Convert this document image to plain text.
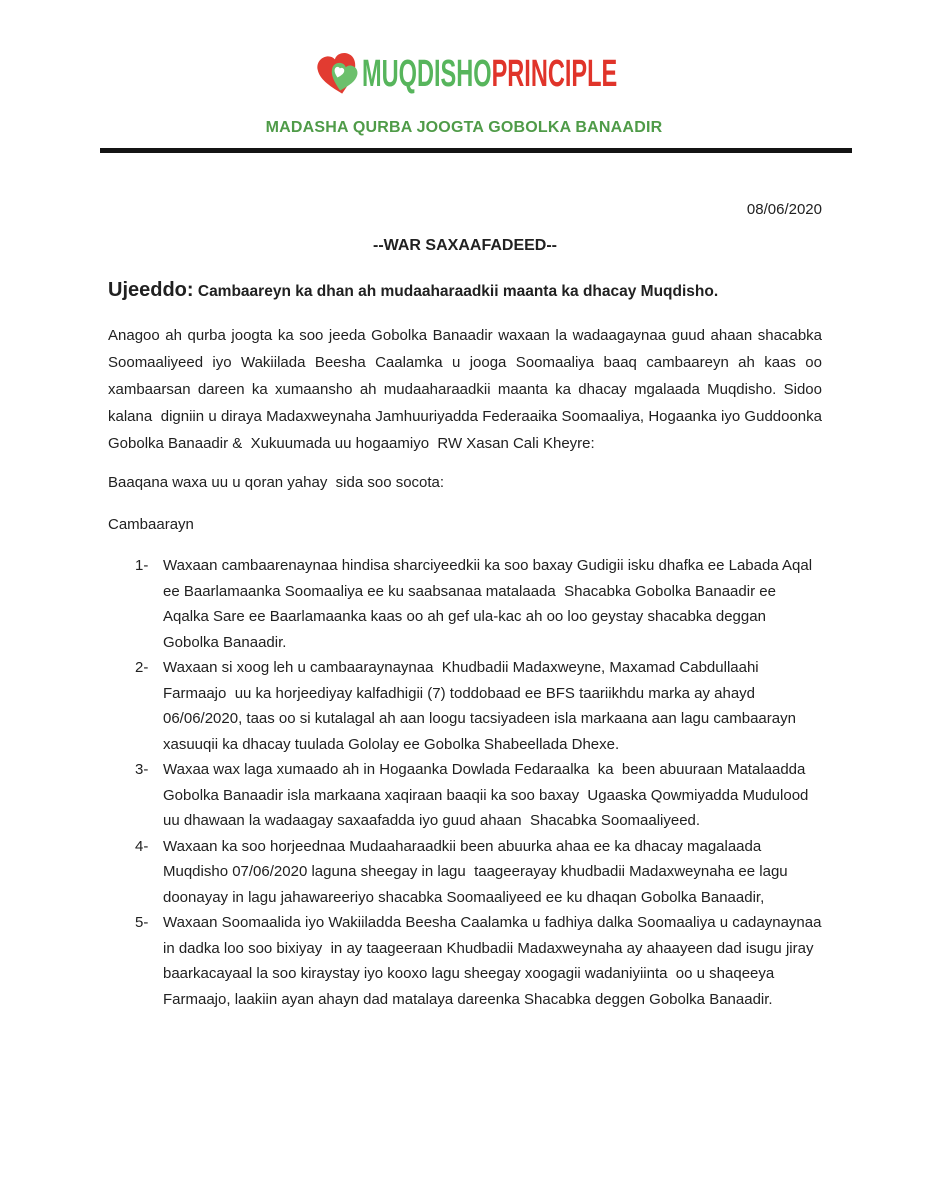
MUQDISHOPRINCIPLE
MADASHA QURBA JOOGTA GOBOLKA BANAADIR
08/06/2020
--WAR SAXAAFADEED--
Ujeeddo: Cambaareyn ka dhan ah mudaaharaadkii maanta ka dhacay Muqdisho.
Anagoo ah qurba joogta ka soo jeeda Gobolka Banaadir waxaan la wadaagaynaa guud ahaan shacabka Soomaaliyeed iyo Wakiilada Beesha Caalamka u jooga Soomaaliya baaq cambaareyn ah kaas oo xambaarsan dareen ka xumaansho ah mudaaharaadkii maanta ka dhacay mgalaada Muqdisho. Sidoo kalana  digniin u diraya Madaxweynaha Jamhuuriyadda Federaaika Soomaaliya, Hogaanka iyo Guddoonka Gobolka Banaadir &  Xukuumada uu hogaamiyo  RW Xasan Cali Kheyre:
Baaqana waxa uu u qoran yahay  sida soo socota:
Cambaarayn
1- Waxaan cambaarenaynaa hindisa sharciyeedkii ka soo baxay Gudigii isku dhafka ee Labada Aqal ee Baarlamaanka Soomaaliya ee ku saabsanaa matalaada  Shacabka Gobolka Banaadir ee Aqalka Sare ee Baarlamaanka kaas oo ah gef ula-kac ah oo loo geystay shacabka deggan Gobolka Banaadir.
2- Waxaan si xoog leh u cambaaraynaynaa  Khudbadii Madaxweyne, Maxamad Cabdullaahi Farmaajo  uu ka horjeediyay kalfadhigii (7) toddobaad ee BFS taariikhdu marka ay ahayd 06/06/2020, taas oo si kutalagal ah aan loogu tacsiyadeen isla markaana aan lagu cambaarayn xasuuqii ka dhacay tuulada Gololay ee Gobolka Shabeellada Dhexe.
3- Waxaa wax laga xumaado ah in Hogaanka Dowlada Fedaraalka  ka  been abuuraan Matalaadda Gobolka Banaadir isla markaana xaqiraan baaqii ka soo baxay  Ugaaska Qowmiyadda Mudulood uu dhawaan la wadaagay saxaafadda iyo guud ahaan  Shacabka Soomaaliyeed.
4- Waxaan ka soo horjeednaa Mudaaharaadkii been abuurka ahaa ee ka dhacay magalaada Muqdisho 07/06/2020 laguna sheegay in lagu  taageerayay khudbadii Madaxweynaha ee lagu doonayay in lagu jahawareeriyo shacabka Soomaaliyeed ee ku dhaqan Gobolka Banaadir,
5- Waxaan Soomaalida iyo Wakiiladda Beesha Caalamka u fadhiya dalka Soomaaliya u cadaynaynaa in dadka loo soo bixiyay  in ay taageeraan Khudbadii Madaxweynaha ay ahaayeen dad isugu jiray baarkacayaal la soo kiraystay iyo kooxo lagu sheegay xoogagii wadaniyiinta  oo u shaqeeya Farmaajo, laakiin ayan ahayn dad matalaya dareenka Shacabka deggen Gobolka Banaadir.
